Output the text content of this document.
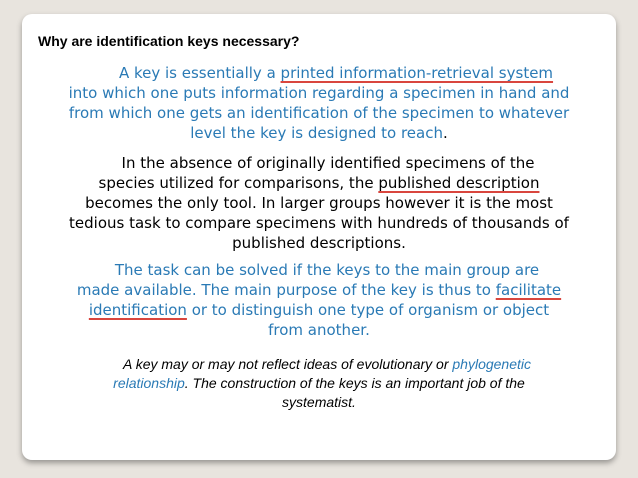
Why are identification keys necessary?
A key is essentially a printed information-retrieval system
into which one puts information regarding a specimen in hand and
from which one gets an identification of the specimen to whatever
level the key is designed to reach.
In the absence of originally identified specimens of the
species utilized for comparisons, the published description
becomes the only tool. In larger groups however it is the most
tedious task to compare specimens with hundreds of thousands of
published descriptions.
The task can be solved if the keys to the main group are
made available. The main purpose of the key is thus to facilitate
identification or to distinguish one type of organism or object
from another.
A key may or may not reflect ideas of evolutionary or phylogenetic
relationship. The construction of the keys is an important job of the
systematist.
